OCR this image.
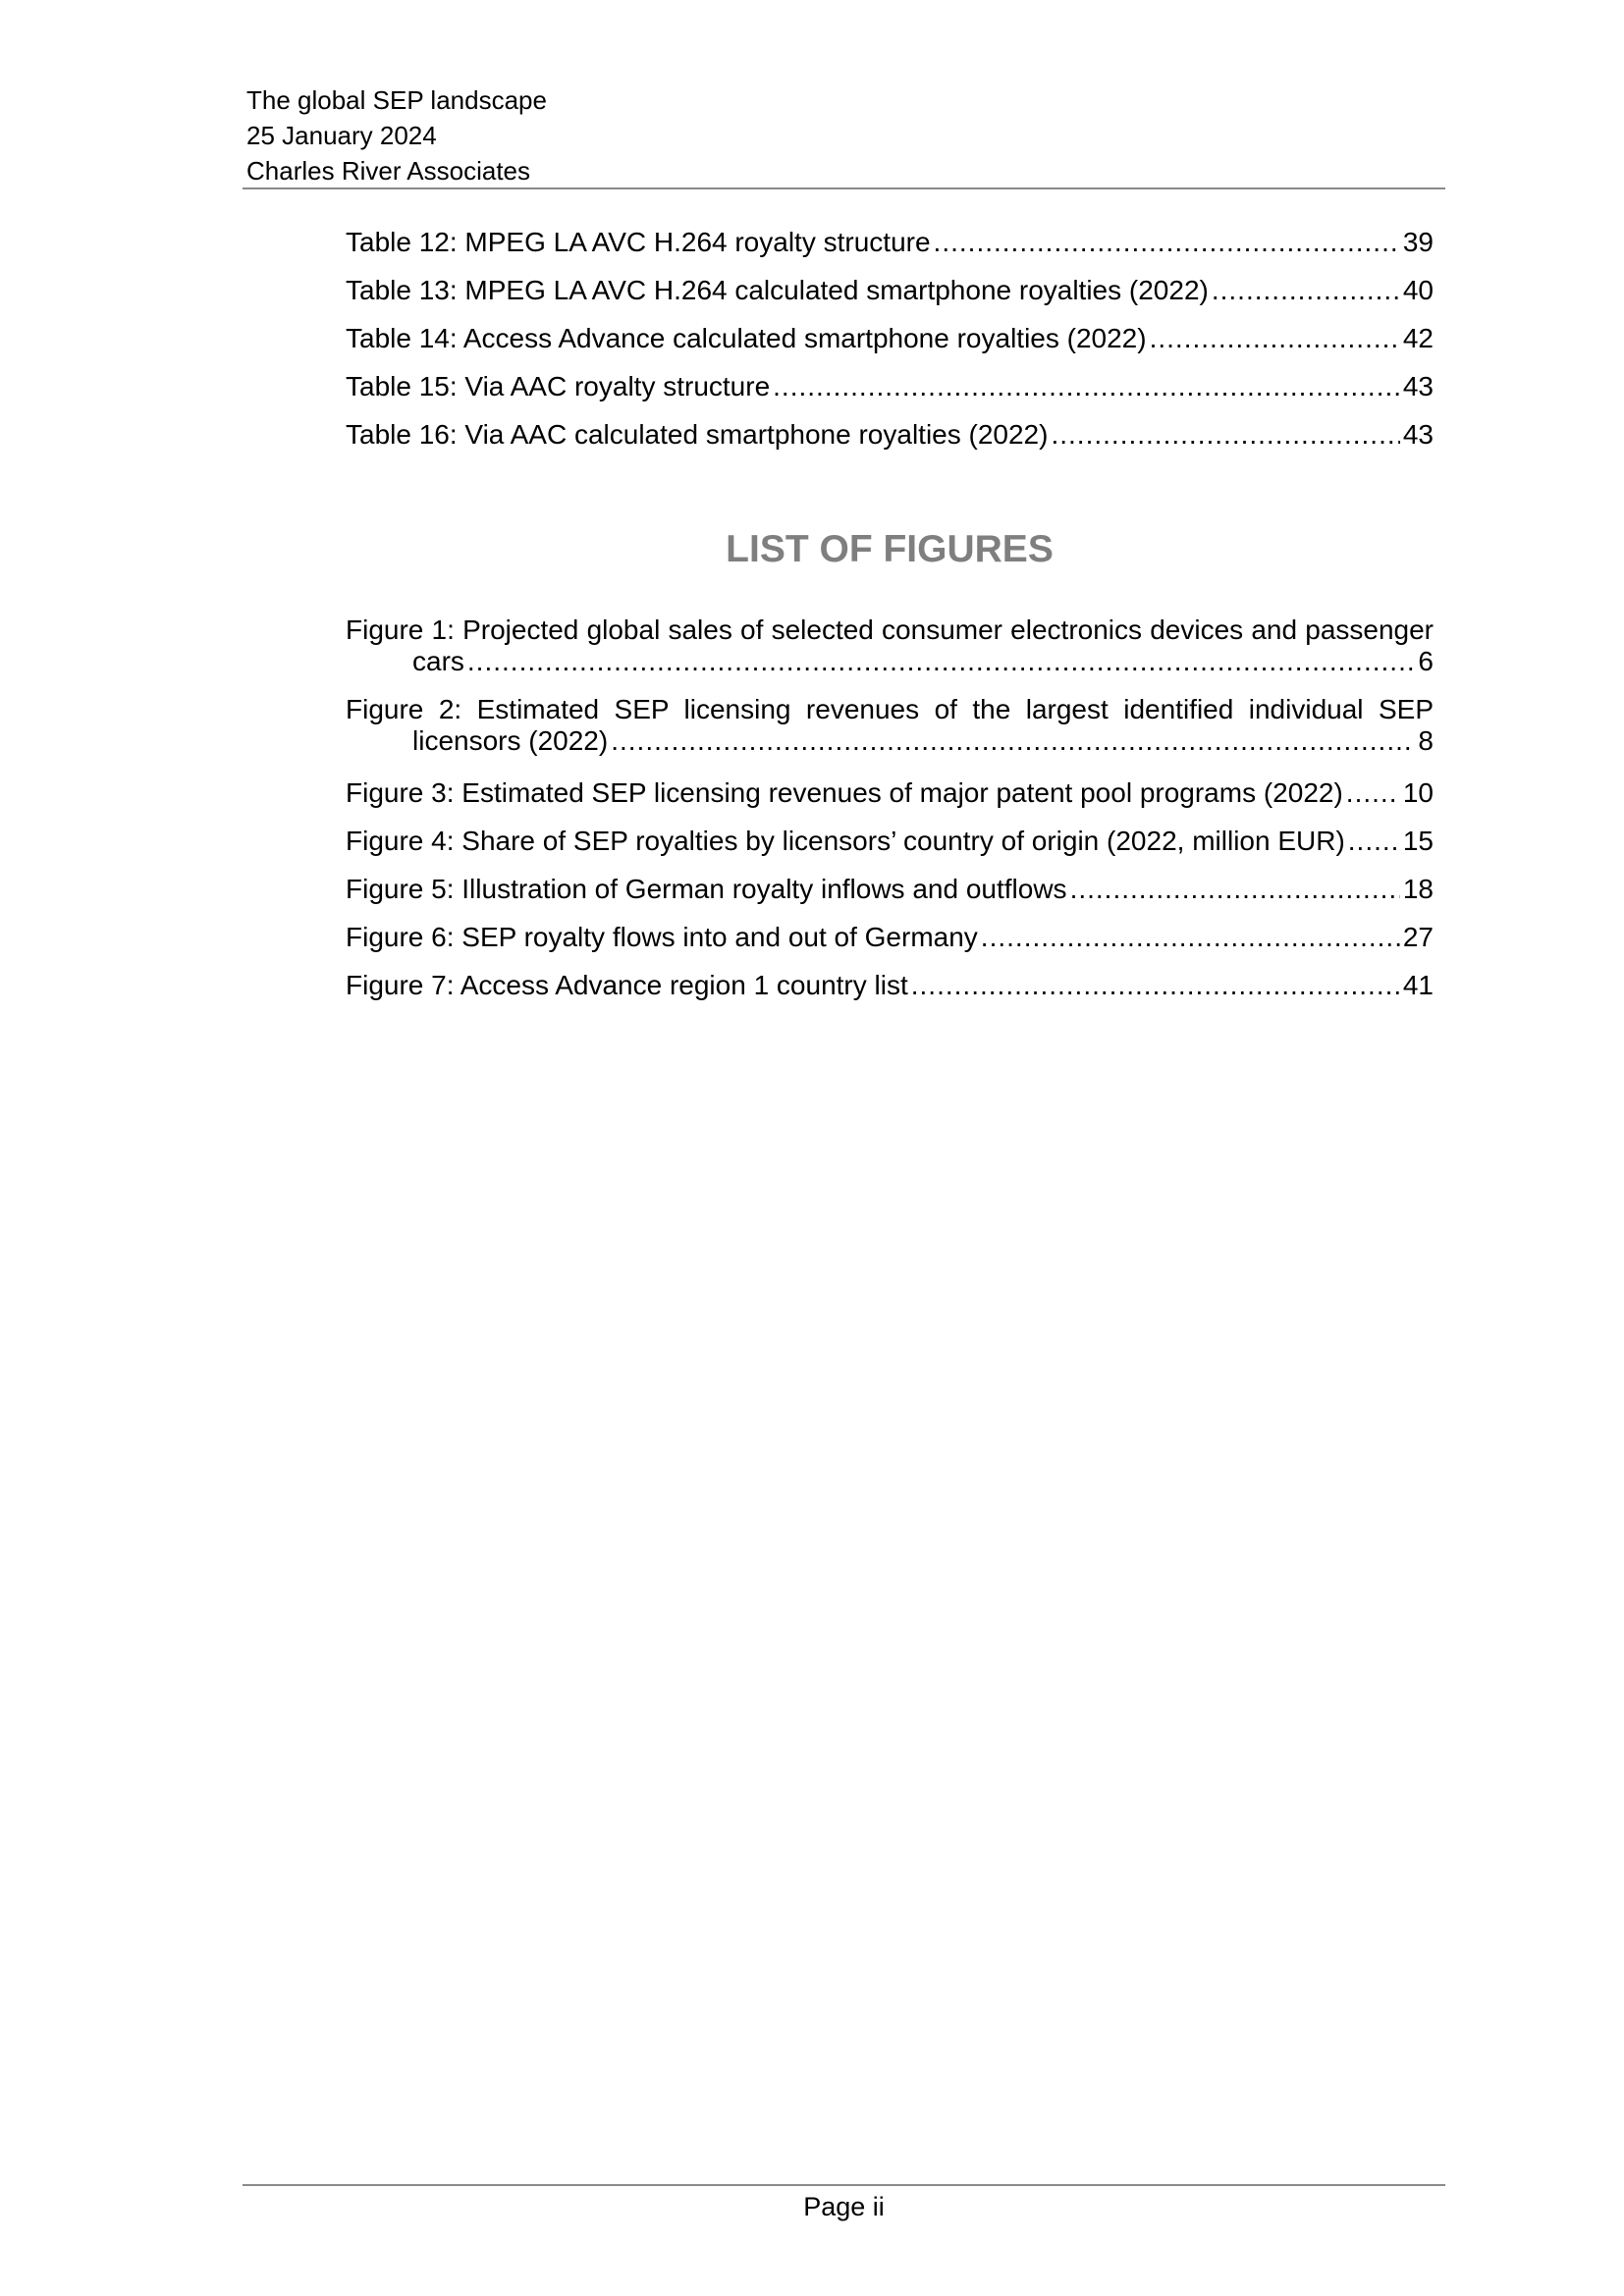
The global SEP landscape
25 January 2024
Charles River Associates
Table 12: MPEG LA AVC H.264 royalty structure .....	39
Table 13: MPEG LA AVC H.264 calculated smartphone royalties (2022) .....	40
Table 14: Access Advance calculated smartphone royalties (2022) .....	42
Table 15: Via AAC royalty structure .....	43
Table 16: Via AAC calculated smartphone royalties (2022) .....	43
LIST OF FIGURES
Figure 1: Projected global sales of selected consumer electronics devices and passenger
cars .....	6
Figure 2: Estimated SEP licensing revenues of the largest identified individual SEP
licensors (2022) .....	8
Figure 3: Estimated SEP licensing revenues of major patent pool programs (2022) ..... 10
Figure 4: Share of SEP royalties by licensors’ country of origin (2022, million EUR) ..... 15
Figure 5: Illustration of German royalty inflows and outflows .....	18
Figure 6: SEP royalty flows into and out of Germany .....	27
Figure 7: Access Advance region 1 country list .....	41
Page ii
